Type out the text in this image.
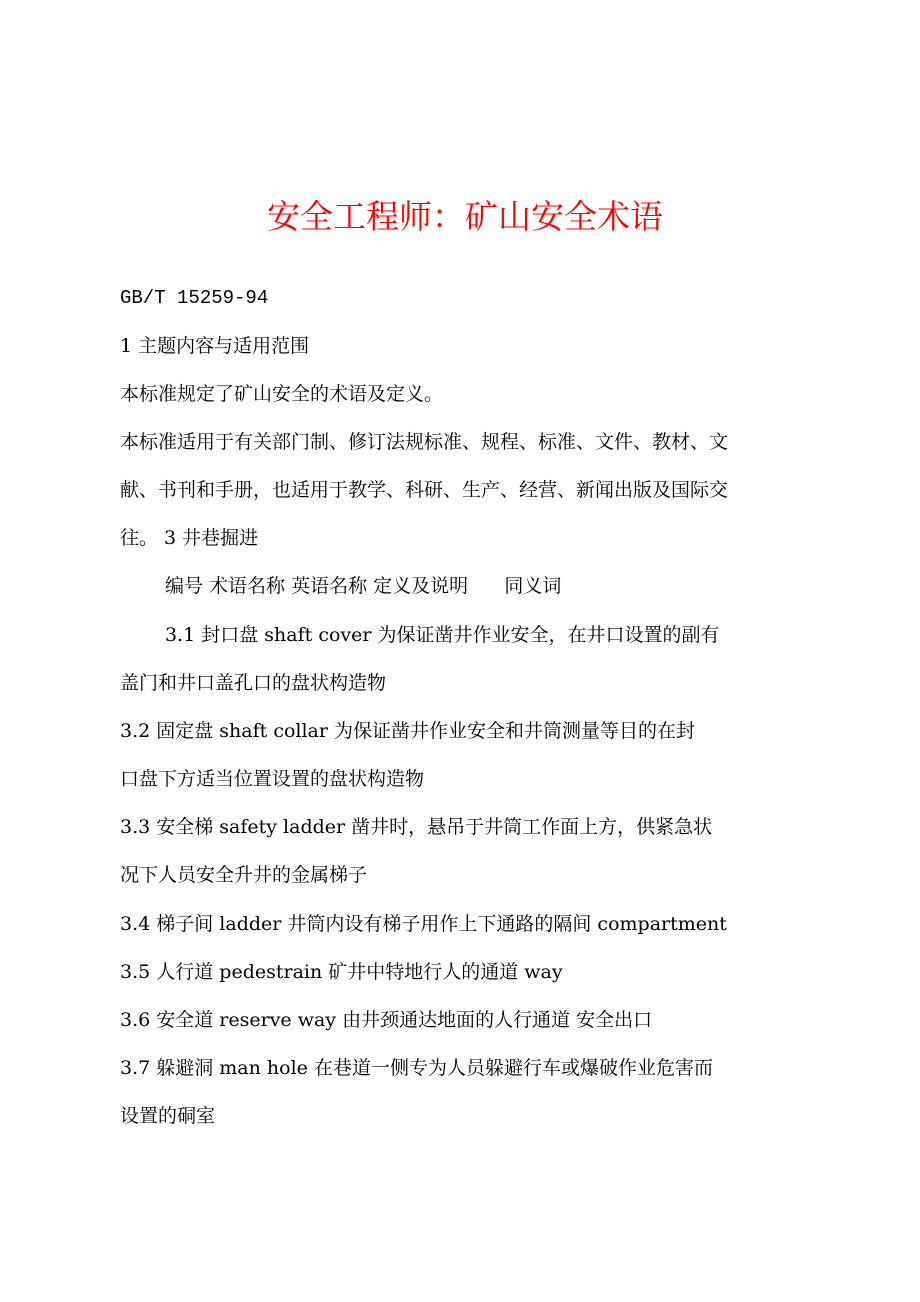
安全工程师：矿山安全术语

GB/T 15259-94

1 主题内容与适用范围

本标准规定了矿山安全的术语及定义。

本标准适用于有关部门制、修订法规标准、规程、标准、文件、教材、文

献、书刊和手册，也适用于教学、科研、生产、经营、新闻出版及国际交

往。 3 井巷掘进

编号 术语名称 英语名称 定义及说明      同义词

3.1 封口盘 shaft cover 为保证凿井作业安全，在井口设置的副有

盖门和井口盖孔口的盘状构造物

3.2 固定盘 shaft collar 为保证凿井作业安全和井筒测量等目的在封

口盘下方适当位置设置的盘状构造物

3.3 安全梯 safety ladder 凿井时，悬吊于井筒工作面上方，供紧急状

况下人员安全升井的金属梯子

3.4 梯子间 ladder 井筒内设有梯子用作上下通路的隔间 compartment

3.5 人行道 pedestrain 矿井中特地行人的通道 way

3.6 安全道 reserve way 由井颈通达地面的人行通道 安全出口

3.7 躲避洞 man hole 在巷道一侧专为人员躲避行车或爆破作业危害而

设置的硐室
